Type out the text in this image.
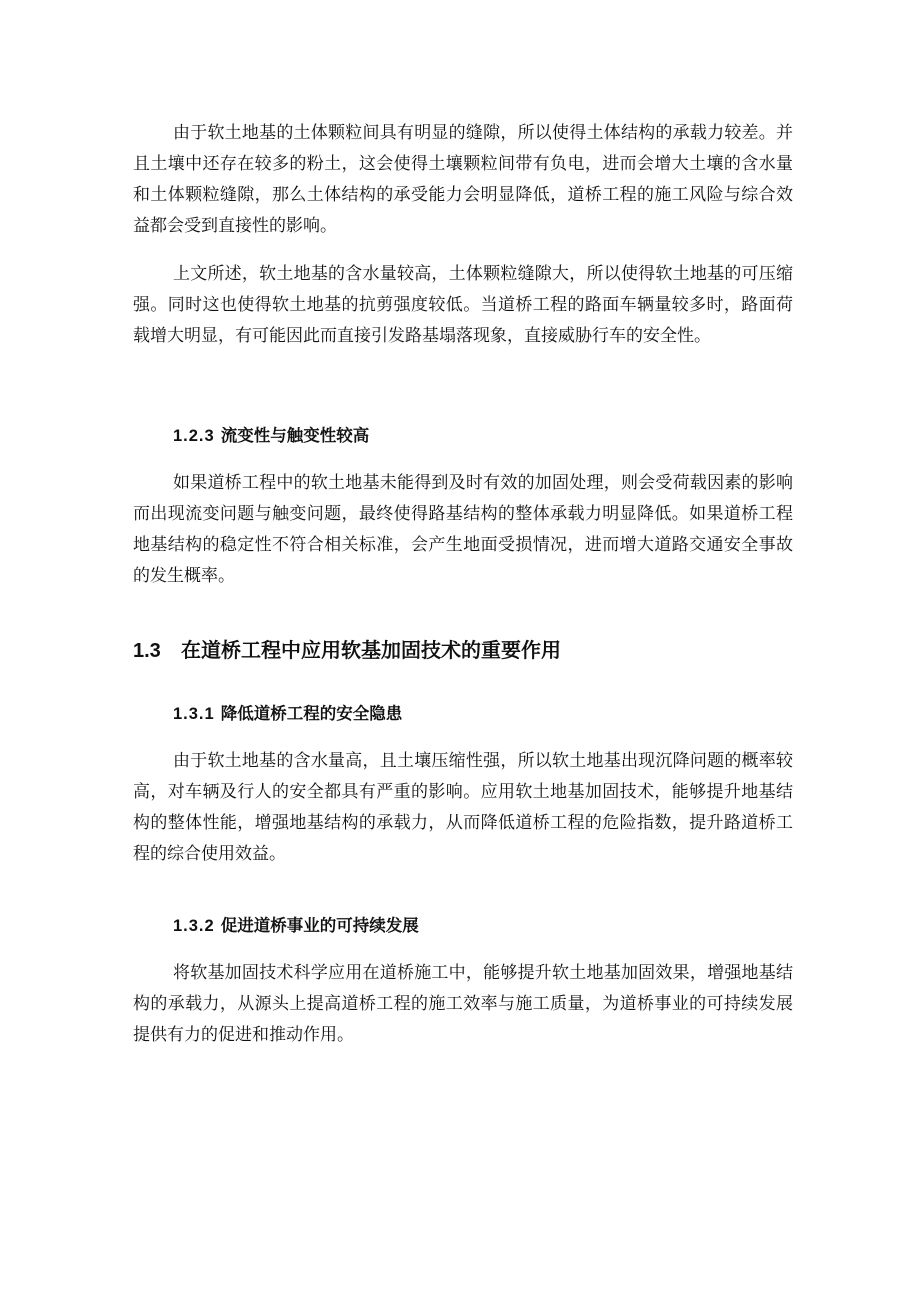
由于软土地基的土体颗粒间具有明显的缝隙，所以使得土体结构的承载力较差。并且土壤中还存在较多的粉土，这会使得土壤颗粒间带有负电，进而会增大土壤的含水量和土体颗粒缝隙，那么土体结构的承受能力会明显降低，道桥工程的施工风险与综合效益都会受到直接性的影响。

上文所述，软土地基的含水量较高，土体颗粒缝隙大，所以使得软土地基的可压缩强。同时这也使得软土地基的抗剪强度较低。当道桥工程的路面车辆量较多时，路面荷载增大明显，有可能因此而直接引发路基塌落现象，直接威胁行车的安全性。

1.2.3 流变性与触变性较高

如果道桥工程中的软土地基未能得到及时有效的加固处理，则会受荷载因素的影响而出现流变问题与触变问题，最终使得路基结构的整体承载力明显降低。如果道桥工程地基结构的稳定性不符合相关标准，会产生地面受损情况，进而增大道路交通安全事故的发生概率。

1.3 在道桥工程中应用软基加固技术的重要作用
1.3.1 降低道桥工程的安全隐患

由于软土地基的含水量高，且土壤压缩性强，所以软土地基出现沉降问题的概率较高，对车辆及行人的安全都具有严重的影响。应用软土地基加固技术，能够提升地基结构的整体性能，增强地基结构的承载力，从而降低道桥工程的危险指数，提升路道桥工程的综合使用效益。

1.3.2 促进道桥事业的可持续发展

将软基加固技术科学应用在道桥施工中，能够提升软土地基加固效果，增强地基结构的承载力，从源头上提高道桥工程的施工效率与施工质量，为道桥事业的可持续发展提供有力的促进和推动作用。
